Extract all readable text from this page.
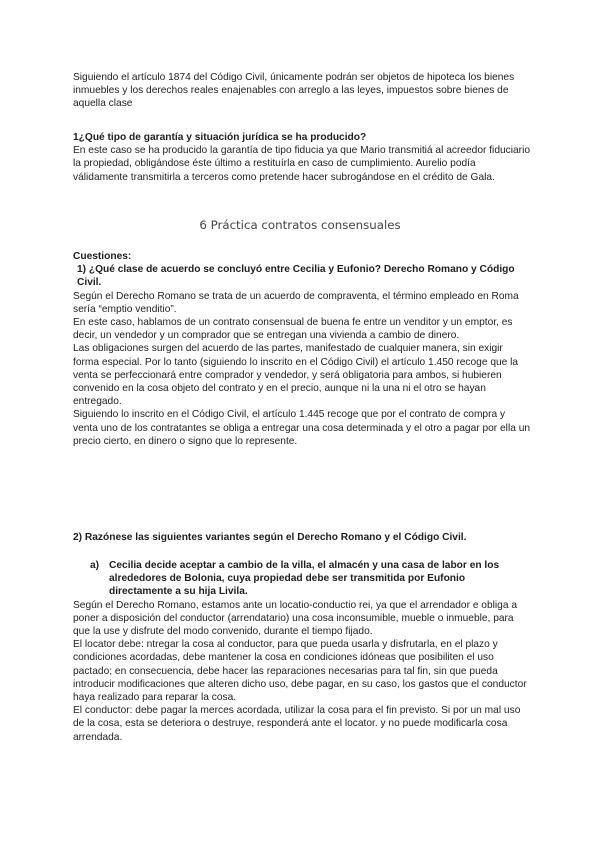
Siguiendo el artículo 1874 del Código Civil, únicamente podrán ser objetos de hipoteca los bienes inmuebles y los derechos reales enajenables con arreglo a las leyes, impuestos sobre bienes de aquella clase

1¿Qué tipo de garantía y situación jurídica se ha producido?

En este caso se ha producido la garantía de tipo fiducia ya que Mario transmitiá al acreedor fiduciario la propiedad, obligándose éste último a restituírla en caso de cumplimiento. Aurelio podía válidamente transmitirla a terceros como pretende hacer subrogándose en el crédito de Gala.

6 Práctica contratos consensuales

Cuestiones:

1) ¿Qué clase de acuerdo se concluyó entre Cecilia y Eufonio? Derecho Romano y Código Civil.

Según el Derecho Romano se trata de un acuerdo de compraventa, el término empleado en Roma sería “emptio venditio”.

En este caso, hablamos de un contrato consensual de buena fe entre un venditor y un emptor, es decir, un vendedor y un comprador que se entregan una vivienda a cambio de dinero.

Las obligaciones surgen del acuerdo de las partes, manifestado de cualquier manera, sin exigir forma especial. Por lo tanto (siguiendo lo inscrito en el Código Civil) el artículo 1.450 recoge que la venta se perfeccionará entre comprador y vendedor, y será obligatoria para ambos, si hubieren convenido en la cosa objeto del contrato y en el precio, aunque ni la una ni el otro se hayan entregado.

Siguiendo lo inscrito en el Código Civil, el artículo 1.445 recoge que por el contrato de compra y venta uno de los contratantes se obliga a entregar una cosa determinada y el otro a pagar por ella un precio cierto, en dinero o signo que lo represente.

2) Razónese las siguientes variantes según el Derecho Romano y el Código Civil.

a) Cecilia decide aceptar a cambio de la villa, el almacén y una casa de labor en los alrededores de Bolonia, cuya propiedad debe ser transmitida por Eufonio directamente a su hija Livila.

Según el Derecho Romano, estamos ante un locatio-conductio rei, ya que el arrendador e obliga a poner a disposición del conductor (arrendatario) una cosa inconsumible, mueble o inmueble, para que la use y disfrute del modo convenido, durante el tiempo fijado.

El locator debe: ntregar la cosa al conductor, para que pueda usarla y disfrutarla, en el plazo y condiciones acordadas, debe mantener la cosa en condiciones idóneas que posibiliten el uso pactado; en consecuencia, debe hacer las reparaciones necesarias para tal fin, sin que pueda introducir modificaciones que alteren dicho uso, debe pagar, en su caso, los gastos que el conductor haya realizado para reparar la cosa.

El conductor: debe pagar la merces acordada, utilizar la cosa para el fin previsto. Si por un mal uso de la cosa, esta se deteriora o destruye, responderá ante el locator. y no puede modificarla cosa arrendada.
